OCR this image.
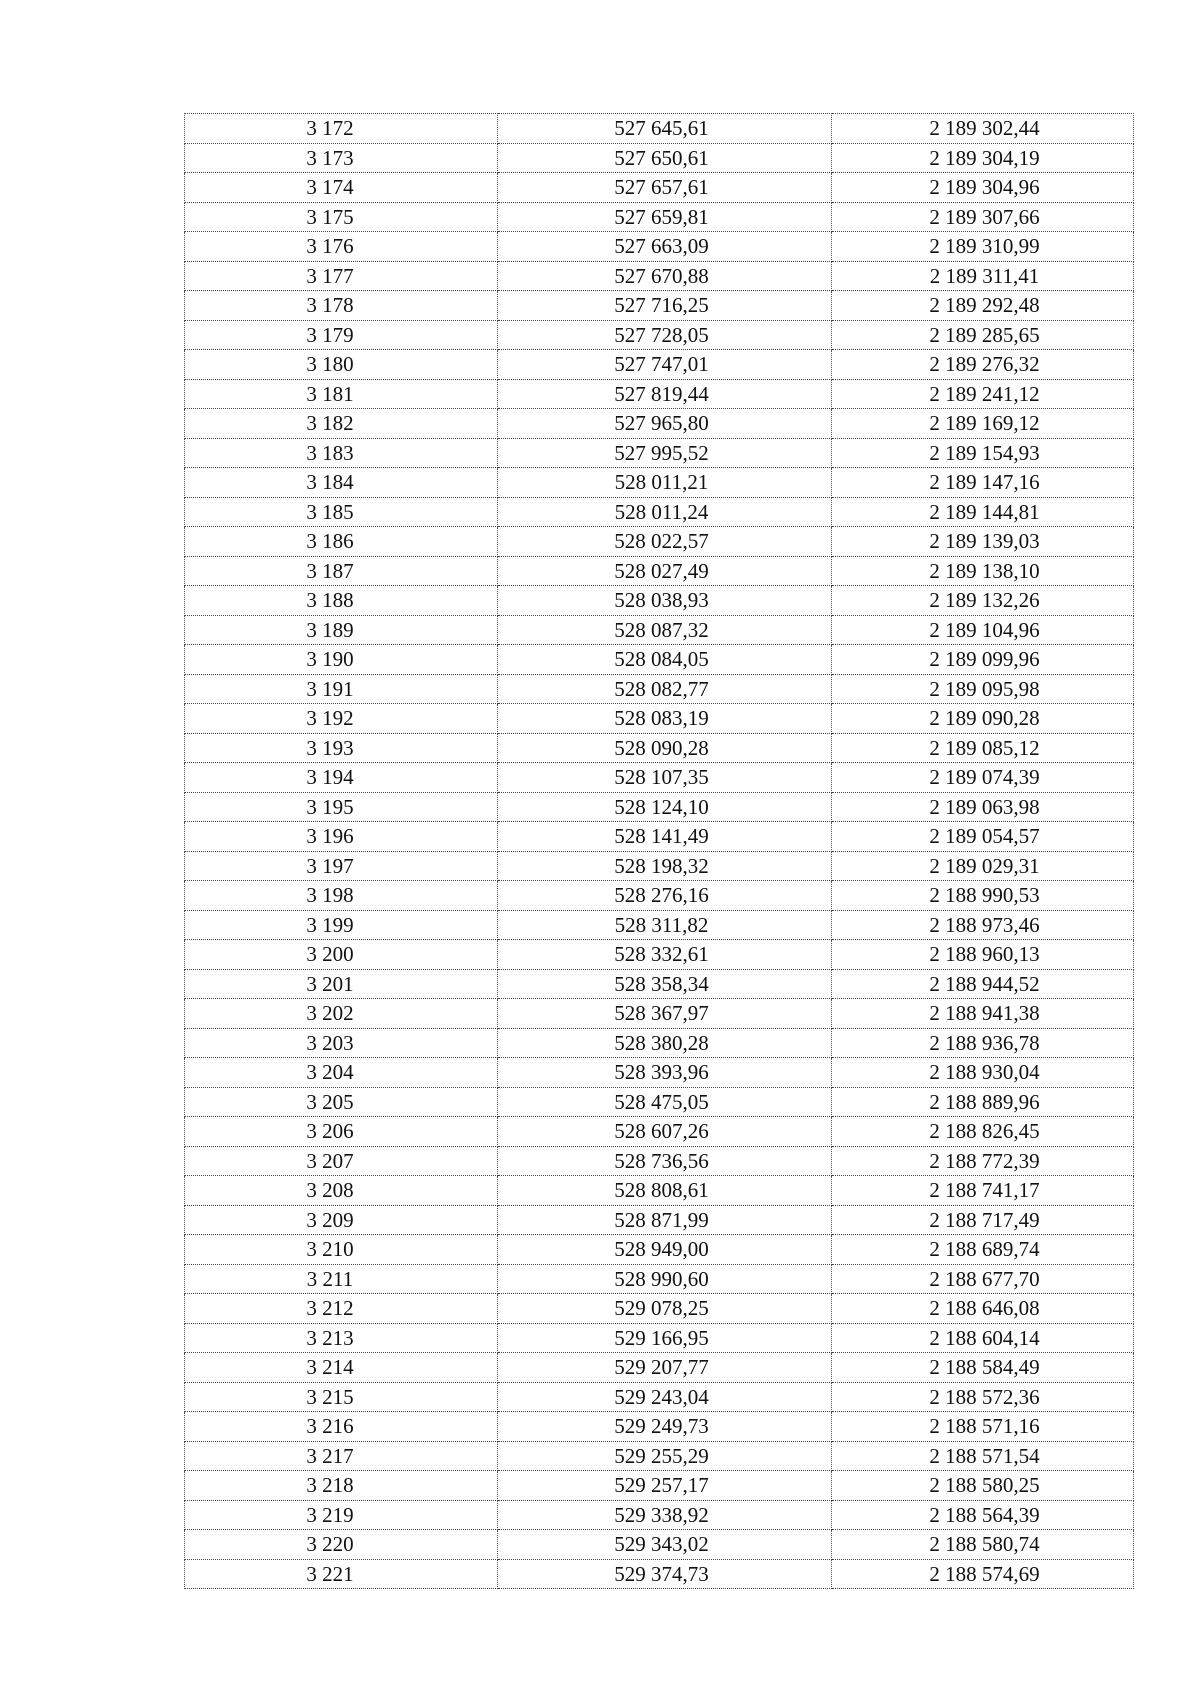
3 172	527 645,61	2 189 302,44
3 173	527 650,61	2 189 304,19
3 174	527 657,61	2 189 304,96
3 175	527 659,81	2 189 307,66
3 176	527 663,09	2 189 310,99
3 177	527 670,88	2 189 311,41
3 178	527 716,25	2 189 292,48
3 179	527 728,05	2 189 285,65
3 180	527 747,01	2 189 276,32
3 181	527 819,44	2 189 241,12
3 182	527 965,80	2 189 169,12
3 183	527 995,52	2 189 154,93
3 184	528 011,21	2 189 147,16
3 185	528 011,24	2 189 144,81
3 186	528 022,57	2 189 139,03
3 187	528 027,49	2 189 138,10
3 188	528 038,93	2 189 132,26
3 189	528 087,32	2 189 104,96
3 190	528 084,05	2 189 099,96
3 191	528 082,77	2 189 095,98
3 192	528 083,19	2 189 090,28
3 193	528 090,28	2 189 085,12
3 194	528 107,35	2 189 074,39
3 195	528 124,10	2 189 063,98
3 196	528 141,49	2 189 054,57
3 197	528 198,32	2 189 029,31
3 198	528 276,16	2 188 990,53
3 199	528 311,82	2 188 973,46
3 200	528 332,61	2 188 960,13
3 201	528 358,34	2 188 944,52
3 202	528 367,97	2 188 941,38
3 203	528 380,28	2 188 936,78
3 204	528 393,96	2 188 930,04
3 205	528 475,05	2 188 889,96
3 206	528 607,26	2 188 826,45
3 207	528 736,56	2 188 772,39
3 208	528 808,61	2 188 741,17
3 209	528 871,99	2 188 717,49
3 210	528 949,00	2 188 689,74
3 211	528 990,60	2 188 677,70
3 212	529 078,25	2 188 646,08
3 213	529 166,95	2 188 604,14
3 214	529 207,77	2 188 584,49
3 215	529 243,04	2 188 572,36
3 216	529 249,73	2 188 571,16
3 217	529 255,29	2 188 571,54
3 218	529 257,17	2 188 580,25
3 219	529 338,92	2 188 564,39
3 220	529 343,02	2 188 580,74
3 221	529 374,73	2 188 574,69
